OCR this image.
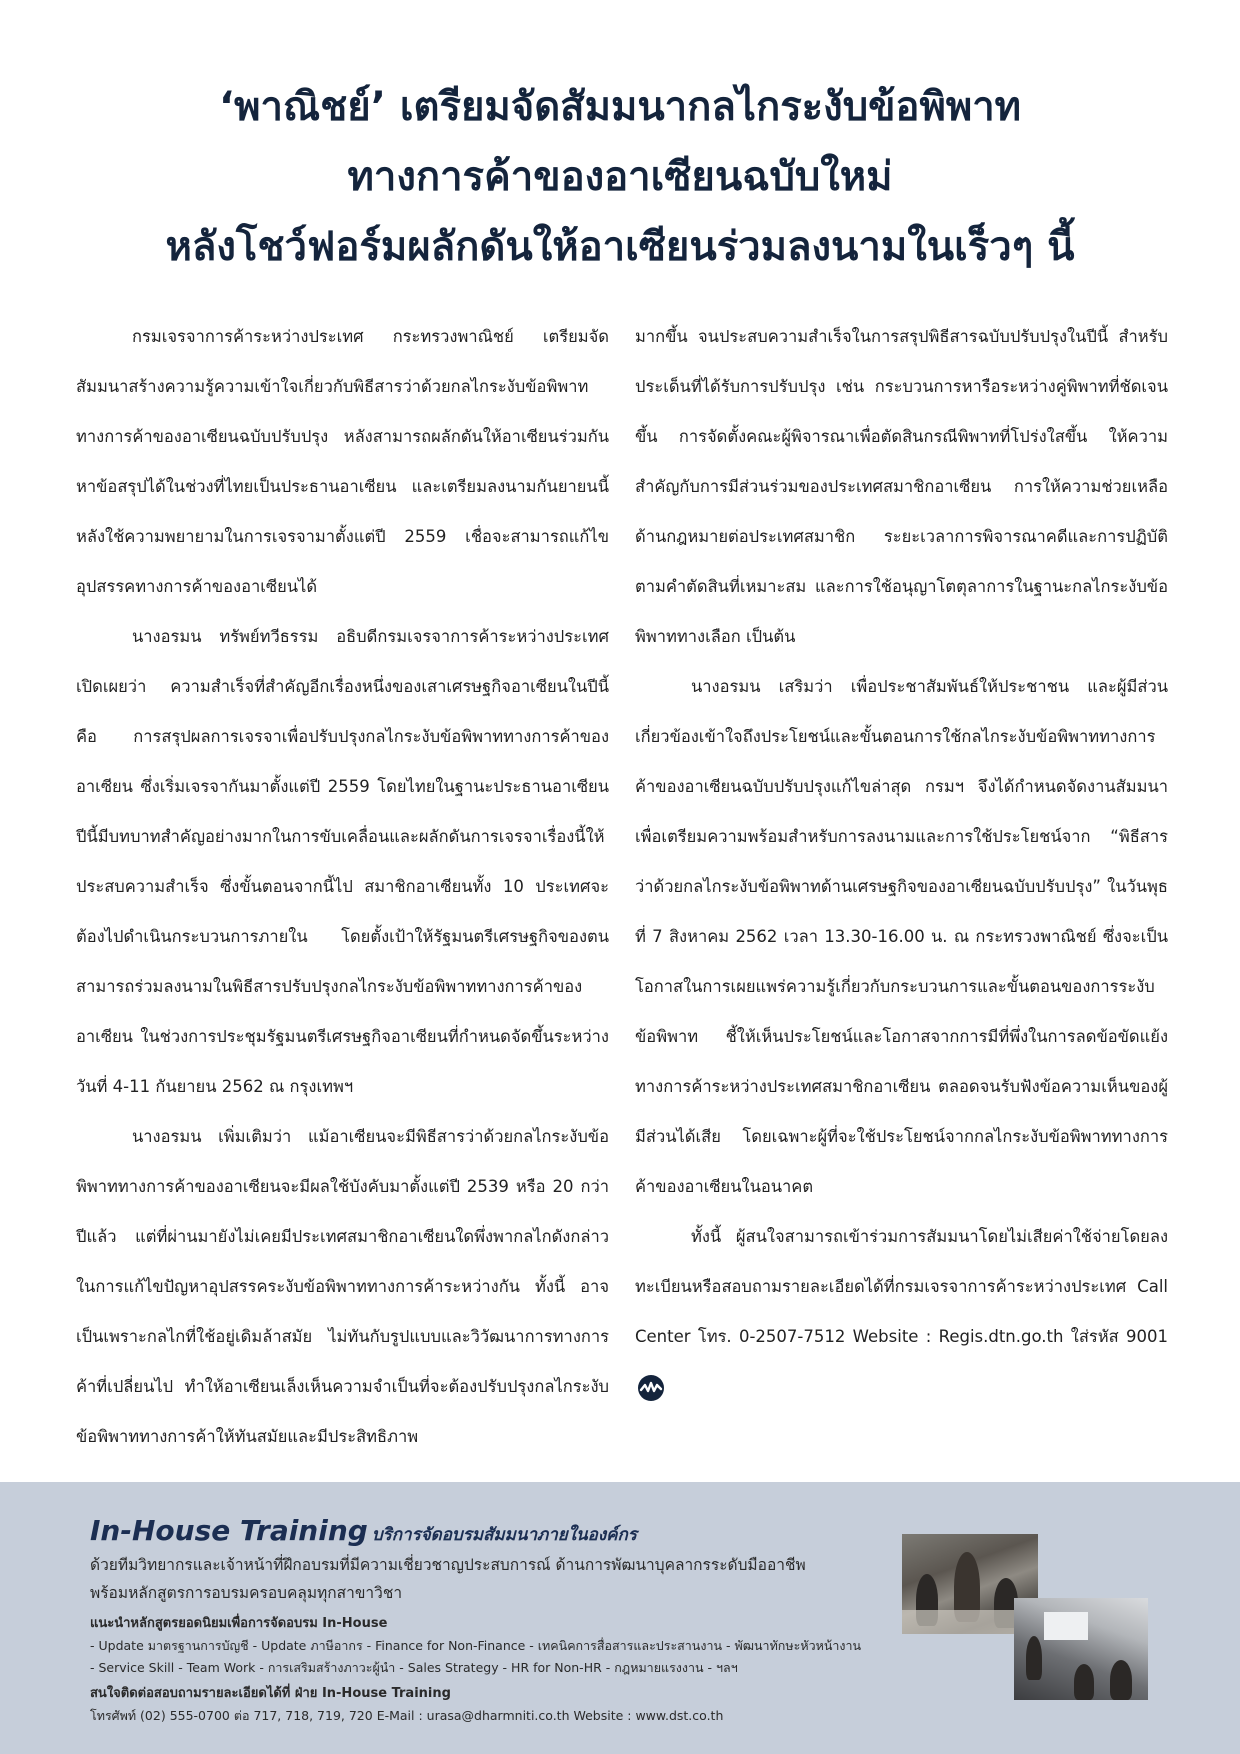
‘พาณิชย์’ เตรียมจัดสัมมนากลไกระงับข้อพิพาท
ทางการค้าของอาเซียนฉบับใหม่
หลังโชว์ฟอร์มผลักดันให้อาเซียนร่วมลงนามในเร็วๆ นี้

กรมเจรจาการค้าระหว่างประเทศ กระทรวงพาณิชย์ เตรียมจัดสัมมนาสร้างความรู้ความเข้าใจเกี่ยวกับพิธีสารว่าด้วยกลไกระงับข้อพิพาททางการค้าของอาเซียนฉบับปรับปรุง หลังสามารถผลักดันให้อาเซียนร่วมกันหาข้อสรุปได้ในช่วงที่ไทยเป็นประธานอาเซียน และเตรียมลงนามกันยายนนี้ หลังใช้ความพยายามในการเจรจามาตั้งแต่ปี 2559 เชื่อจะสามารถแก้ไขอุปสรรคทางการค้าของอาเซียนได้

นางอรมน ทรัพย์ทวีธรรม อธิบดีกรมเจรจาการค้าระหว่างประเทศ เปิดเผยว่า ความสำเร็จที่สำคัญอีกเรื่องหนึ่งของเสาเศรษฐกิจอาเซียนในปีนี้ คือ การสรุปผลการเจรจาเพื่อปรับปรุงกลไกระงับข้อพิพาททางการค้าของอาเซียน ซึ่งเริ่มเจรจากันมาตั้งแต่ปี 2559 โดยไทยในฐานะประธานอาเซียนปีนี้มีบทบาทสำคัญอย่างมากในการขับเคลื่อนและผลักดันการเจรจาเรื่องนี้ให้ประสบความสำเร็จ ซึ่งขั้นตอนจากนี้ไป สมาชิกอาเซียนทั้ง 10 ประเทศจะต้องไปดำเนินกระบวนการภายใน โดยตั้งเป้าให้รัฐมนตรีเศรษฐกิจของตนสามารถร่วมลงนามในพิธีสารปรับปรุงกลไกระงับข้อพิพาททางการค้าของอาเซียน ในช่วงการประชุมรัฐมนตรีเศรษฐกิจอาเซียนที่กำหนดจัดขึ้นระหว่างวันที่ 4-11 กันยายน 2562 ณ กรุงเทพฯ

นางอรมน เพิ่มเติมว่า แม้อาเซียนจะมีพิธีสารว่าด้วยกลไกระงับข้อพิพาททางการค้าของอาเซียนจะมีผลใช้บังคับมาตั้งแต่ปี 2539 หรือ 20 กว่าปีแล้ว แต่ที่ผ่านมายังไม่เคยมีประเทศสมาชิกอาเซียนใดพึ่งพากลไกดังกล่าวในการแก้ไขปัญหาอุปสรรคระงับข้อพิพาททางการค้าระหว่างกัน ทั้งนี้ อาจเป็นเพราะกลไกที่ใช้อยู่เดิมล้าสมัย ไม่ทันกับรูปแบบและวิวัฒนาการทางการค้าที่เปลี่ยนไป ทำให้อาเซียนเล็งเห็นความจำเป็นที่จะต้องปรับปรุงกลไกระงับข้อพิพาททางการค้าให้ทันสมัยและมีประสิทธิภาพ

มากขึ้น จนประสบความสำเร็จในการสรุปพิธีสารฉบับปรับปรุงในปีนี้ สำหรับประเด็นที่ได้รับการปรับปรุง เช่น กระบวนการหารือระหว่างคู่พิพาทที่ชัดเจนขึ้น การจัดตั้งคณะผู้พิจารณาเพื่อตัดสินกรณีพิพาทที่โปร่งใสขึ้น ให้ความสำคัญกับการมีส่วนร่วมของประเทศสมาชิกอาเซียน การให้ความช่วยเหลือด้านกฎหมายต่อประเทศสมาชิก ระยะเวลาการพิจารณาคดีและการปฏิบัติตามคำตัดสินที่เหมาะสม และการใช้อนุญาโตตุลาการในฐานะกลไกระงับข้อพิพาททางเลือก เป็นต้น

นางอรมน เสริมว่า เพื่อประชาสัมพันธ์ให้ประชาชน และผู้มีส่วนเกี่ยวข้องเข้าใจถึงประโยชน์และขั้นตอนการใช้กลไกระงับข้อพิพาททางการค้าของอาเซียนฉบับปรับปรุงแก้ไขล่าสุด กรมฯ จึงได้กำหนดจัดงานสัมมนาเพื่อเตรียมความพร้อมสำหรับการลงนามและการใช้ประโยชน์จาก “พิธีสารว่าด้วยกลไกระงับข้อพิพาทด้านเศรษฐกิจของอาเซียนฉบับปรับปรุง” ในวันพุธที่ 7 สิงหาคม 2562 เวลา 13.30-16.00 น. ณ กระทรวงพาณิชย์ ซึ่งจะเป็นโอกาสในการเผยแพร่ความรู้เกี่ยวกับกระบวนการและขั้นตอนของการระงับข้อพิพาท ชี้ให้เห็นประโยชน์และโอกาสจากการมีที่พึ่งในการลดข้อขัดแย้งทางการค้าระหว่างประเทศสมาชิกอาเซียน ตลอดจนรับฟังข้อความเห็นของผู้มีส่วนได้เสีย โดยเฉพาะผู้ที่จะใช้ประโยชน์จากกลไกระงับข้อพิพาททางการค้าของอาเซียนในอนาคต

ทั้งนี้ ผู้สนใจสามารถเข้าร่วมการสัมมนาโดยไม่เสียค่าใช้จ่ายโดยลงทะเบียนหรือสอบถามรายละเอียดได้ที่กรมเจรจาการค้าระหว่างประเทศ Call Center โทร. 0-2507-7512 Website : Regis.dtn.go.th ใส่รหัส 9001

In-House Training บริการจัดอบรมสัมมนาภายในองค์กร
ด้วยทีมวิทยากรและเจ้าหน้าที่ฝึกอบรมที่มีความเชี่ยวชาญประสบการณ์ ด้านการพัฒนาบุคลากรระดับมืออาชีพ
พร้อมหลักสูตรการอบรมครอบคลุมทุกสาขาวิชา
แนะนำหลักสูตรยอดนิยมเพื่อการจัดอบรม In-House
- Update มาตรฐานการบัญชี - Update ภาษีอากร - Finance for Non-Finance - เทคนิคการสื่อสารและประสานงาน - พัฒนาทักษะหัวหน้างาน
- Service Skill - Team Work - การเสริมสร้างภาวะผู้นำ - Sales Strategy - HR for Non-HR - กฎหมายแรงงาน - ฯลฯ
สนใจติดต่อสอบถามรายละเอียดได้ที่ ฝ่าย In-House Training
โทรศัพท์ (02) 555-0700 ต่อ 717, 718, 719, 720 E-Mail : urasa@dharmniti.co.th Website : www.dst.co.th
